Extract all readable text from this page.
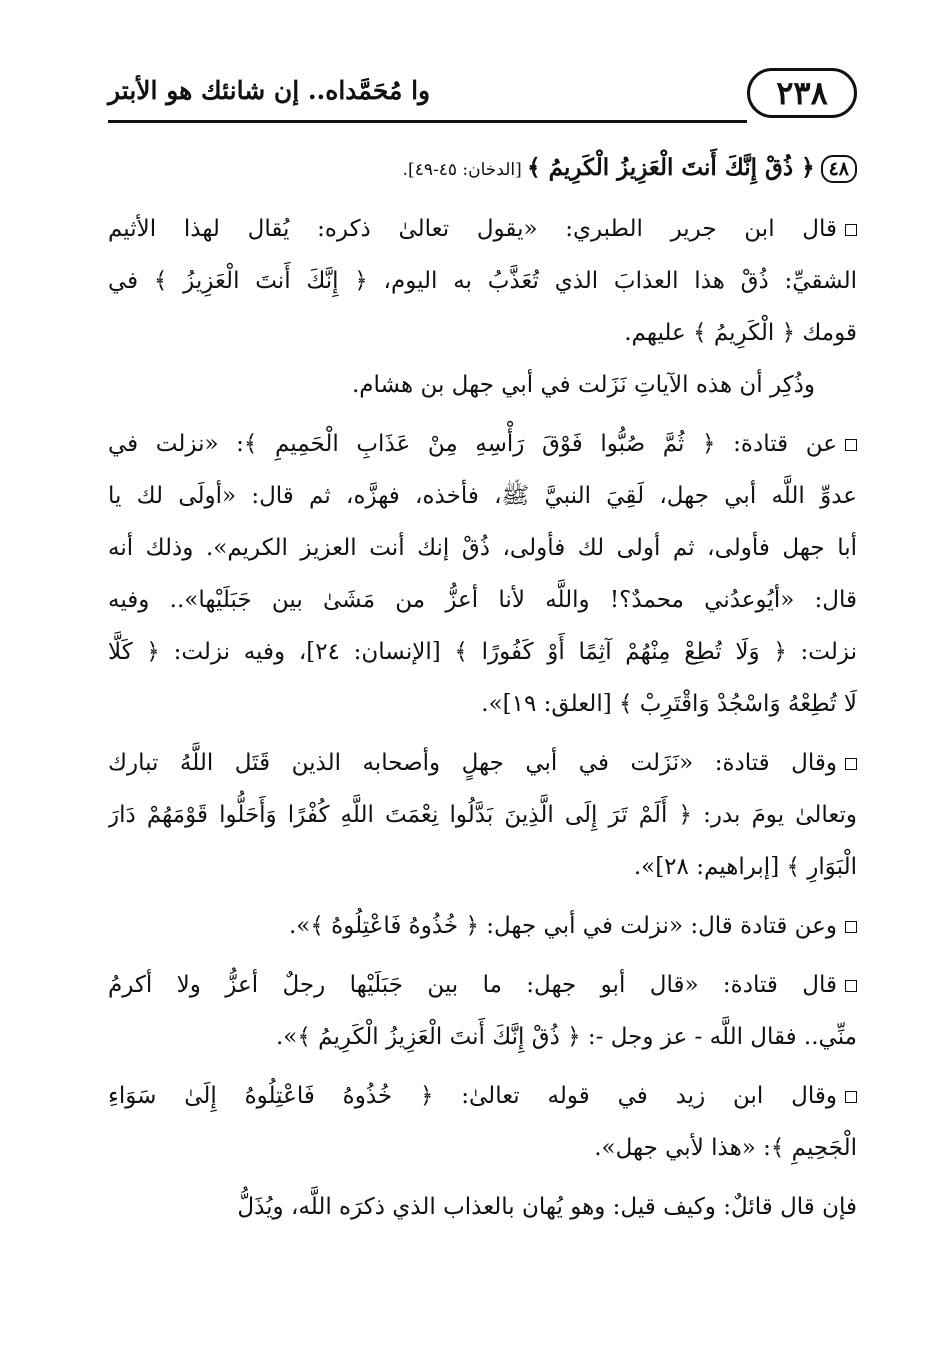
٢٣٨
وا مُحَمَّداه.. إن شانئك هو الأبتر
٤٨﴿ ذُقْ إِنَّكَ أَنتَ الْعَزِيزُ الْكَرِيمُ ﴾ [الدخان: ٤٥-٤٩].
قال ابن جرير الطبري: «يقول تعالىٰ ذكره: يُقال لهذا الأثيم
الشقيِّ: ذُقْ هذا العذابَ الذي تُعَذَّبُ به اليوم، ﴿ إِنَّكَ أَنتَ الْعَزِيزُ ﴾ في
قومك ﴿ الْكَرِيمُ ﴾ عليهم.
وذُكِر أن هذه الآياتِ نَزَلت في أبي جهل بن هشام.
عن قتادة: ﴿ ثُمَّ صُبُّوا فَوْقَ رَأْسِهِ مِنْ عَذَابِ الْحَمِيمِ ﴾: «نزلت في
عدوِّ اللَّه أبي جهل، لَقِيَ النبيَّ ﷺ، فأخذه، فهزَّه، ثم قال: «أولَى لك يا
أبا جهل فأولى، ثم أولى لك فأولى، ذُقْ إنك أنت العزيز الكريم». وذلك أنه
قال: «أيُوعدُني محمدٌ؟! واللَّه لأنا أعزُّ من مَشَىٰ بين جَبَلَيْها».. وفيه
نزلت: ﴿ وَلَا تُطِعْ مِنْهُمْ آثِمًا أَوْ كَفُورًا ﴾ [الإنسان: ٢٤]، وفيه نزلت: ﴿ كَلَّا
لَا تُطِعْهُ وَاسْجُدْ وَاقْتَرِبْ ﴾ [العلق: ١٩]».
وقال قتادة: «نَزَلت في أبي جهلٍ وأصحابه الذين قَتَل اللَّهُ تبارك
وتعالىٰ يومَ بدر: ﴿ أَلَمْ تَرَ إِلَى الَّذِينَ بَدَّلُوا نِعْمَتَ اللَّهِ كُفْرًا وَأَحَلُّوا قَوْمَهُمْ دَارَ
الْبَوَارِ ﴾ [إبراهيم: ٢٨]».
وعن قتادة قال: «نزلت في أبي جهل: ﴿ خُذُوهُ فَاعْتِلُوهُ ﴾».
قال قتادة: «قال أبو جهل: ما بين جَبَلَيْها رجلٌ أعزُّ ولا أكرمُ
منِّي.. فقال اللَّه - عز وجل -: ﴿ ذُقْ إِنَّكَ أَنتَ الْعَزِيزُ الْكَرِيمُ ﴾».
وقال ابن زيد في قوله تعالىٰ: ﴿ خُذُوهُ فَاعْتِلُوهُ إِلَىٰ سَوَاءِ
الْجَحِيمِ ﴾: «هذا لأبي جهل».
فإن قال قائلٌ: وكيف قيل: وهو يُهان بالعذاب الذي ذكرَه اللَّه، ويُذَلُّ
